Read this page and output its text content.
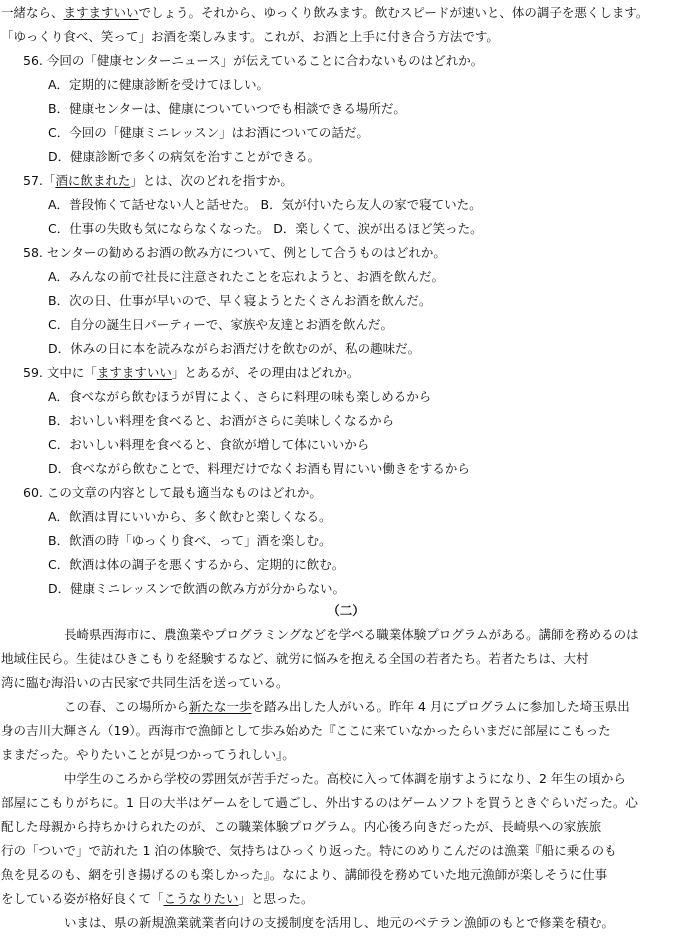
一緒なら、ますますいいでしょう。それから、ゆっくり飲みます。飲むスピードが速いと、体の調子を悪くします。
「ゆっくり食べ、笑って」お酒を楽しみます。これが、お酒と上手に付き合う方法です。
56. 今回の「健康センターニュース」が伝えていることに合わないものはどれか。
A．定期的に健康診断を受けてほしい。
B．健康センターは、健康についていつでも相談できる場所だ。
C．今回の「健康ミニレッスン」はお酒についての話だ。
D．健康診断で多くの病気を治すことができる。
57.「酒に飲まれた」とは、次のどれを指すか。
A．普段怖くて話せない人と話せた。 B．気が付いたら友人の家で寝ていた。
C．仕事の失敗も気にならなくなった。 D．楽しくて、涙が出るほど笑った。
58. センターの勧めるお酒の飲み方について、例として合うものはどれか。
A．みんなの前で社長に注意されたことを忘れようと、お酒を飲んだ。
B．次の日、仕事が早いので、早く寝ようとたくさんお酒を飲んだ。
C．自分の誕生日パーティーで、家族や友達とお酒を飲んだ。
D．休みの日に本を読みながらお酒だけを飲むのが、私の趣味だ。
59. 文中に「ますますいい」とあるが、その理由はどれか。
A．食べながら飲むほうが胃によく、さらに料理の味も楽しめるから
B．おいしい料理を食べると、お酒がさらに美味しくなるから
C．おいしい料理を食べると、食欲が増して体にいいから
D．食べながら飲むことで、料理だけでなくお酒も胃にいい働きをするから
60. この文章の内容として最も適当なものはどれか。
A．飲酒は胃にいいから、多く飲むと楽しくなる。
B．飲酒の時「ゆっくり食べ、って」酒を楽しむ。
C．飲酒は体の調子を悪くするから、定期的に飲む。
D．健康ミニレッスンで飲酒の飲み方が分からない。
（二）
長崎県西海市に、農漁業やプログラミングなどを学べる職業体験プログラムがある。講師を務めるのは
地域住民ら。生徒はひきこもりを経験するなど、就労に悩みを抱える全国の若者たち。若者たちは、大村
湾に臨む海沿いの古民家で共同生活を送っている。
この春、この場所から新たな一歩を踏み出した人がいる。昨年 4 月にプログラムに参加した埼玉県出
身の吉川大輝さん（19）。西海市で漁師として歩み始めた『ここに来ていなかったらいまだに部屋にこもった
ままだった。やりたいことが見つかってうれしい』。
中学生のころから学校の雰囲気が苦手だった。高校に入って体調を崩すようになり、2 年生の頃から
部屋にこもりがちに。1 日の大半はゲームをして過ごし、外出するのはゲームソフトを買うときぐらいだった。心
配した母親から持ちかけられたのが、この職業体験プログラム。内心後ろ向きだったが、長崎県への家族旅
行の「ついで」で訪れた 1 泊の体験で、気持ちはひっくり返った。特にのめりこんだのは漁業『船に乗るのも
魚を見るのも、網を引き揚げるのも楽しかった』。なにより、講師役を務めていた地元漁師が楽しそうに仕事
をしている姿が格好良くて「こうなりたい」と思った。
いまは、県の新規漁業就業者向けの支援制度を活用し、地元のベテラン漁師のもとで修業を積む。
